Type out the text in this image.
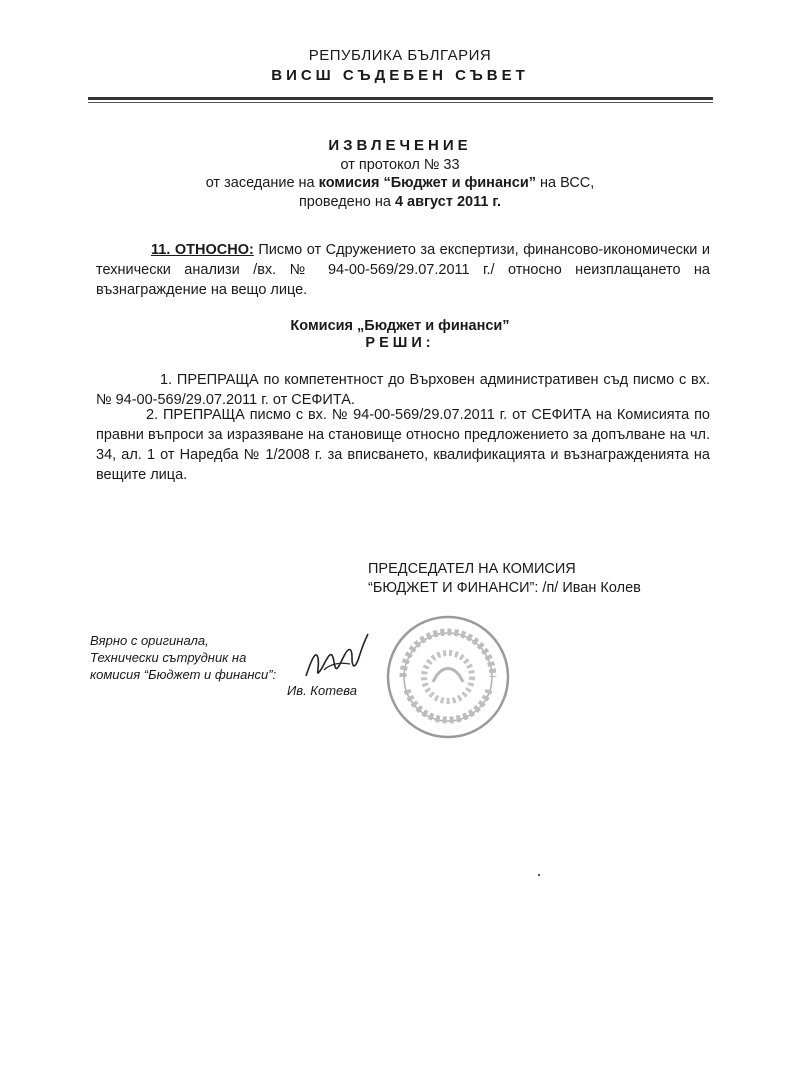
РЕПУБЛИКА БЪЛГАРИЯ
ВИСШ СЪДЕБЕН СЪВЕТ
ИЗВЛЕЧЕНИЕ
от протокол № 33
от заседание на комисия “Бюджет и финанси” на ВСС,
проведено на 4 август 2011 г.
11. ОТНОСНО: Писмо от Сдружението за експертизи, финансово-икономически и технически анализи /вх. № 94-00-569/29.07.2011 г./ относно неизплащането на възнаграждение на вещо лице.
Комисия „Бюджет и финанси”
РЕШИ:
1. ПРЕПРАЩА по компетентност до Върховен административен съд писмо с вх. № 94-00-569/29.07.2011 г. от СЕФИТА.
2. ПРЕПРАЩА писмо с вх. № 94-00-569/29.07.2011 г. от СЕФИТА на Комисията по правни въпроси за изразяване на становище относно предложението за допълване на чл. 34, ал. 1 от Наредба № 1/2008 г. за вписването, квалификацията и възнагражденията на вещите лица.
ПРЕДСЕДАТЕЛ НА КОМИСИЯ
“БЮДЖЕТ И ФИНАНСИ”: /п/ Иван Колев
Вярно с оригинала,
Технически сътрудник на
комисия “Бюджет и финанси”:
Ив. Котева
